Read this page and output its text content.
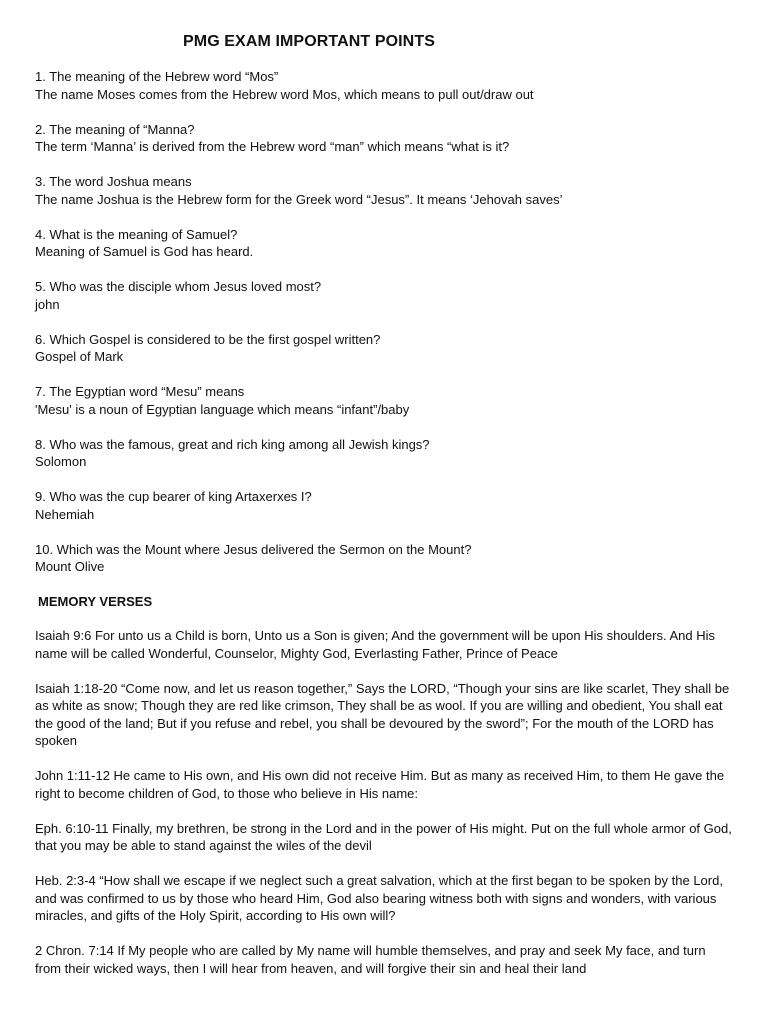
PMG EXAM IMPORTANT POINTS
1. The meaning of the Hebrew word “Mos”
The name Moses comes from the Hebrew word Mos, which means to pull out/draw out
2. The meaning of “Manna?
The term ‘Manna’ is derived from the Hebrew word “man” which means “what is it?
3. The word Joshua means
The name Joshua is the Hebrew form for the Greek word “Jesus”. It means ‘Jehovah saves’
4. What is the meaning of Samuel?
Meaning of Samuel is God has heard.
5. Who was the disciple whom Jesus loved most?
john
6. Which Gospel is considered to be the first gospel written?
Gospel of Mark
7. The Egyptian word “Mesu” means
'Mesu' is a noun of Egyptian language which means “infant”/baby
8. Who was the famous, great and rich king among all Jewish kings?
Solomon
9. Who was the cup bearer of king Artaxerxes I?
Nehemiah
10. Which was the Mount where Jesus delivered the Sermon on the Mount?
Mount Olive
MEMORY VERSES

Isaiah 9:6 For unto us a Child is born, Unto us a Son is given; And the government will be upon His shoulders. And His name will be called Wonderful, Counselor, Mighty God, Everlasting Father, Prince of Peace

Isaiah 1:18-20 “Come now, and let us reason together,” Says the LORD, “Though your sins are like scarlet, They shall be as white as snow; Though they are red like crimson, They shall be as wool. If you are willing and obedient, You shall eat the good of the land; But if you refuse and rebel, you shall be devoured by the sword”; For the mouth of the LORD has spoken

John 1:11-12 He came to His own, and His own did not receive Him. But as many as received Him, to them He gave the right to become children of God, to those who believe in His name:

Eph. 6:10-11 Finally, my brethren, be strong in the Lord and in the power of His might. Put on the full whole armor of God, that you may be able to stand against the wiles of the devil

Heb. 2:3-4 “How shall we escape if we neglect such a great salvation, which at the first began to be spoken by the Lord, and was confirmed to us by those who heard Him, God also bearing witness both with signs and wonders, with various miracles, and gifts of the Holy Spirit, according to His own will?

2 Chron. 7:14 If My people who are called by My name will humble themselves, and pray and seek My face, and turn from their wicked ways, then I will hear from heaven, and will forgive their sin and heal their land
